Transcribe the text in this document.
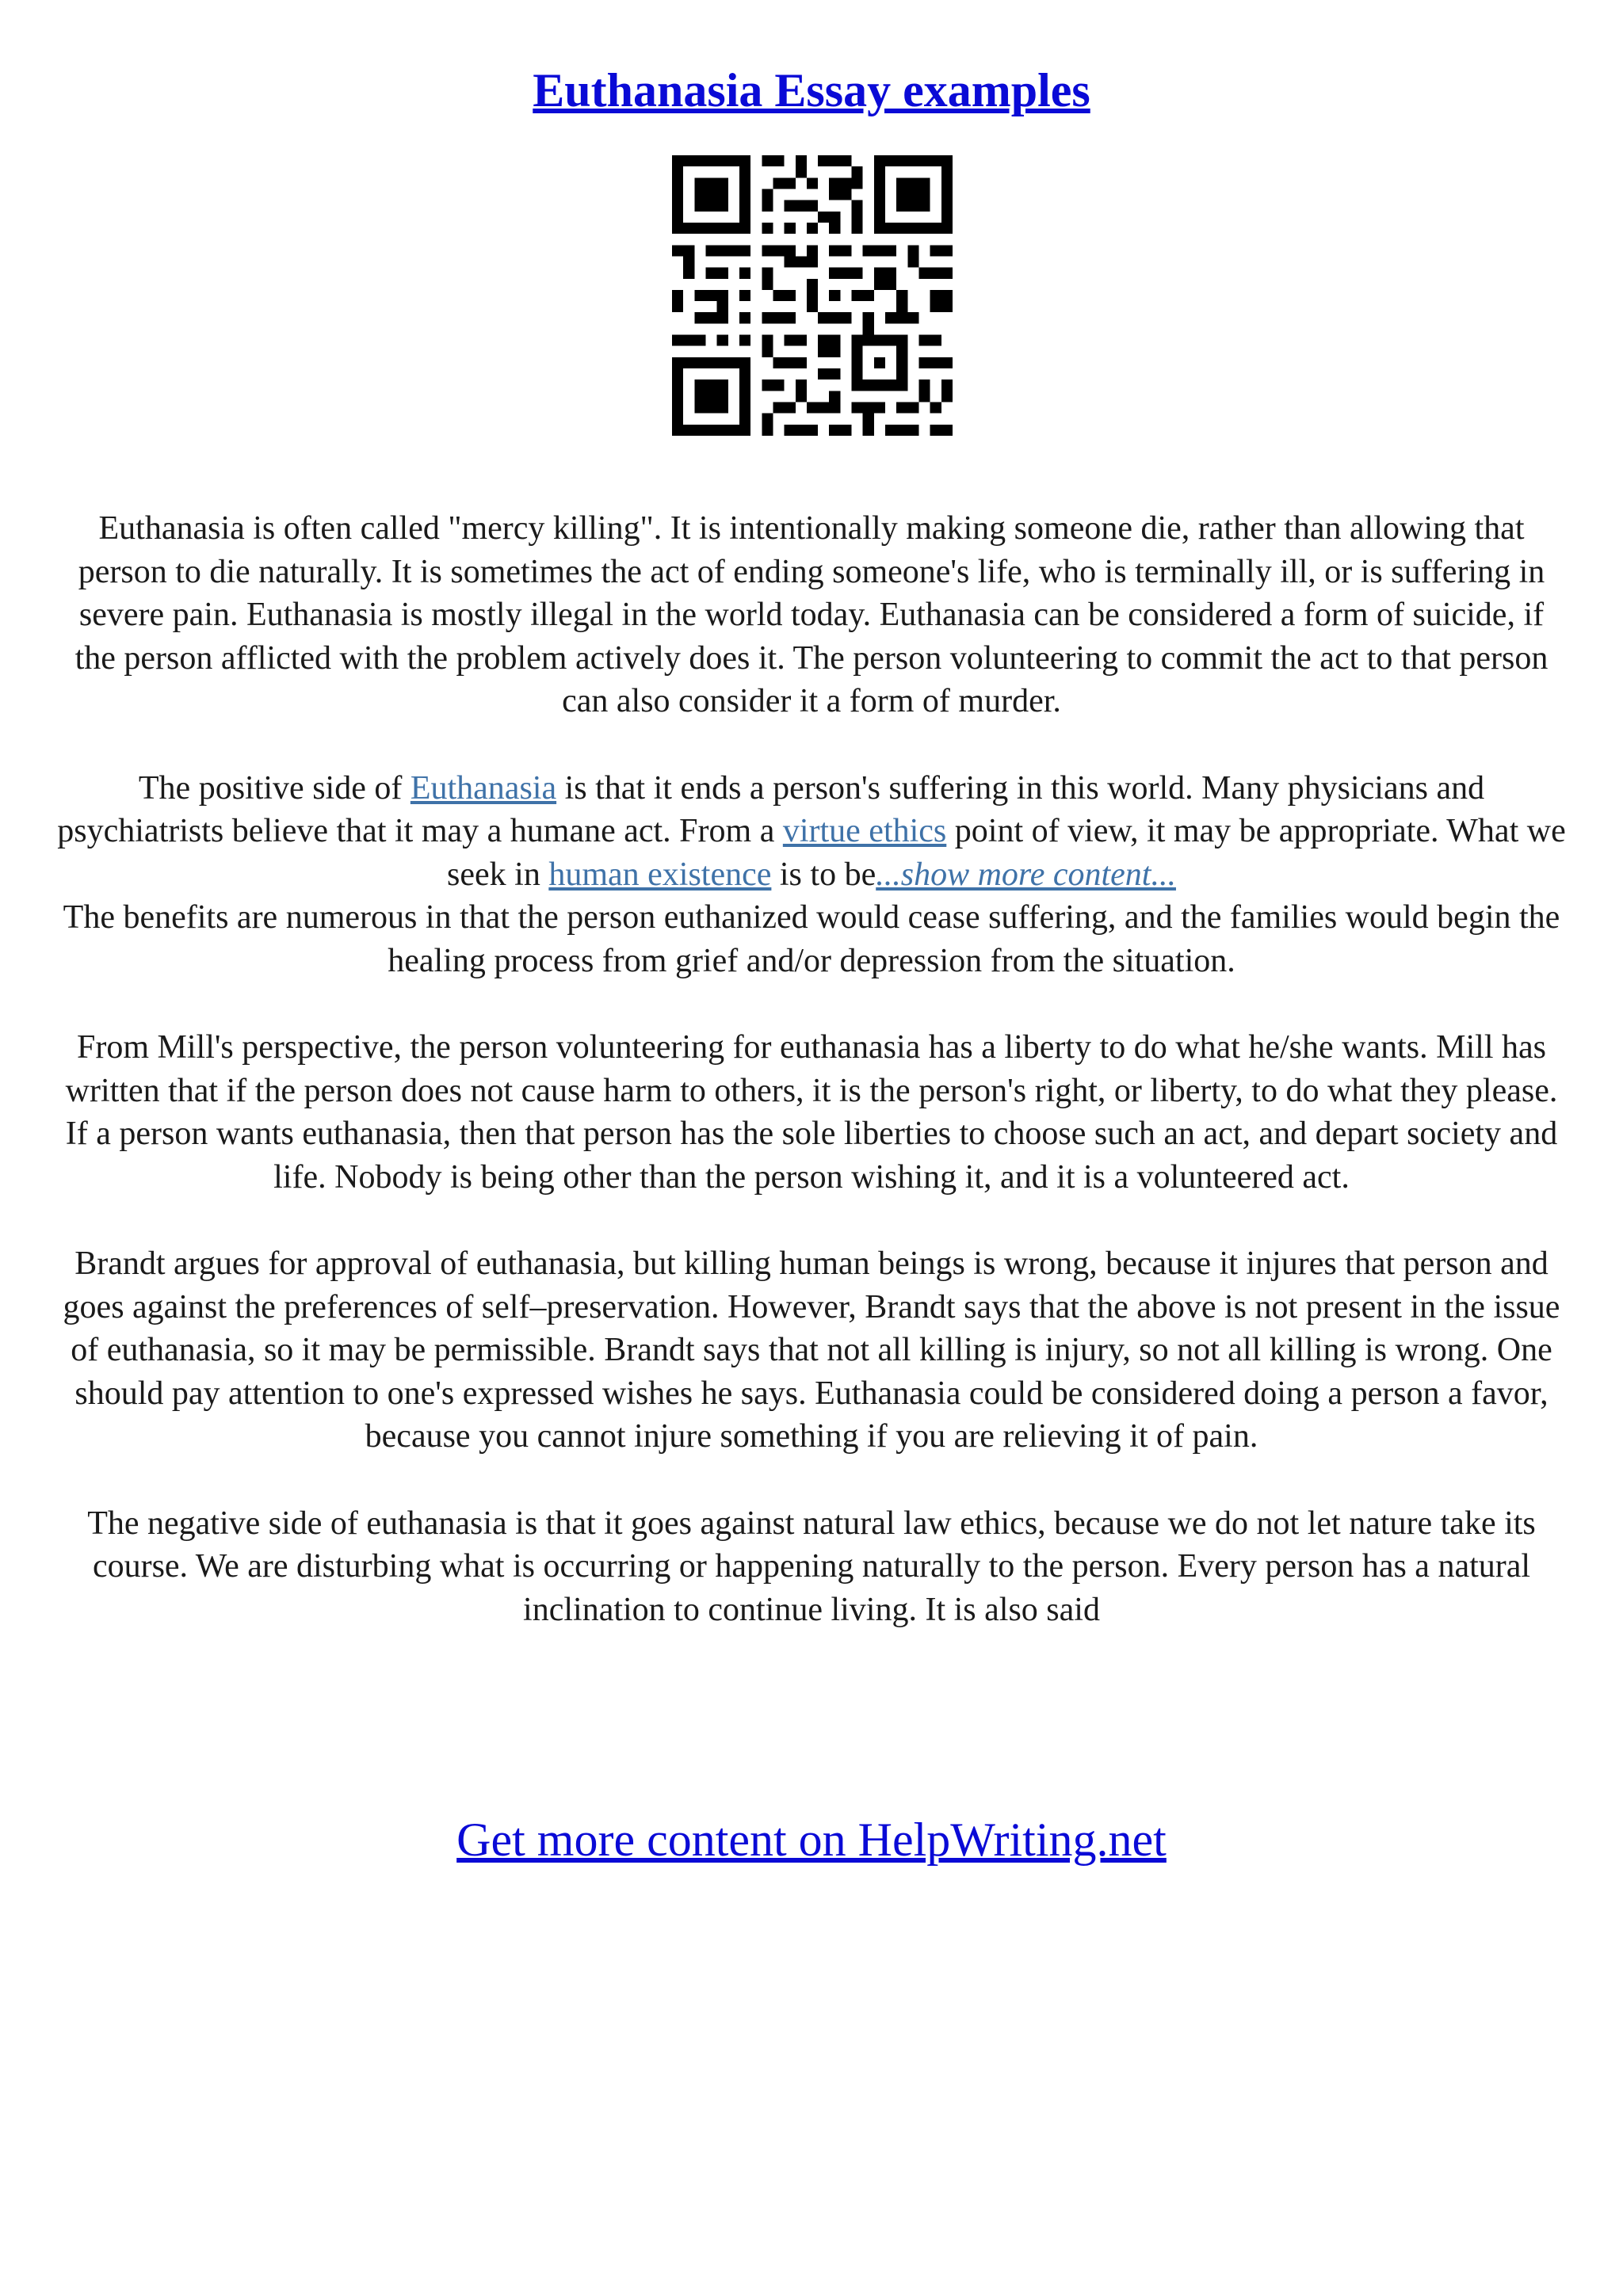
Euthanasia Essay examples

Euthanasia is often called "mercy killing". It is intentionally making someone die, rather than allowing that person to die naturally. It is sometimes the act of ending someone's life, who is terminally ill, or is suffering in severe pain. Euthanasia is mostly illegal in the world today. Euthanasia can be considered a form of suicide, if the person afflicted with the problem actively does it. The person volunteering to commit the act to that person can also consider it a form of murder.

The positive side of Euthanasia is that it ends a person's suffering in this world. Many physicians and psychiatrists believe that it may a humane act. From a virtue ethics point of view, it may be appropriate. What we seek in human existence is to be...show more content...

The benefits are numerous in that the person euthanized would cease suffering, and the families would begin the healing process from grief and/or depression from the situation.

From Mill's perspective, the person volunteering for euthanasia has a liberty to do what he/she wants. Mill has written that if the person does not cause harm to others, it is the person's right, or liberty, to do what they please. If a person wants euthanasia, then that person has the sole liberties to choose such an act, and depart society and life. Nobody is being other than the person wishing it, and it is a volunteered act.

Brandt argues for approval of euthanasia, but killing human beings is wrong, because it injures that person and goes against the preferences of self–preservation. However, Brandt says that the above is not present in the issue of euthanasia, so it may be permissible. Brandt says that not all killing is injury, so not all killing is wrong. One should pay attention to one's expressed wishes he says. Euthanasia could be considered doing a person a favor, because you cannot injure something if you are relieving it of pain.

The negative side of euthanasia is that it goes against natural law ethics, because we do not let nature take its course. We are disturbing what is occurring or happening naturally to the person. Every person has a natural inclination to continue living. It is also said

Get more content on HelpWriting.net
